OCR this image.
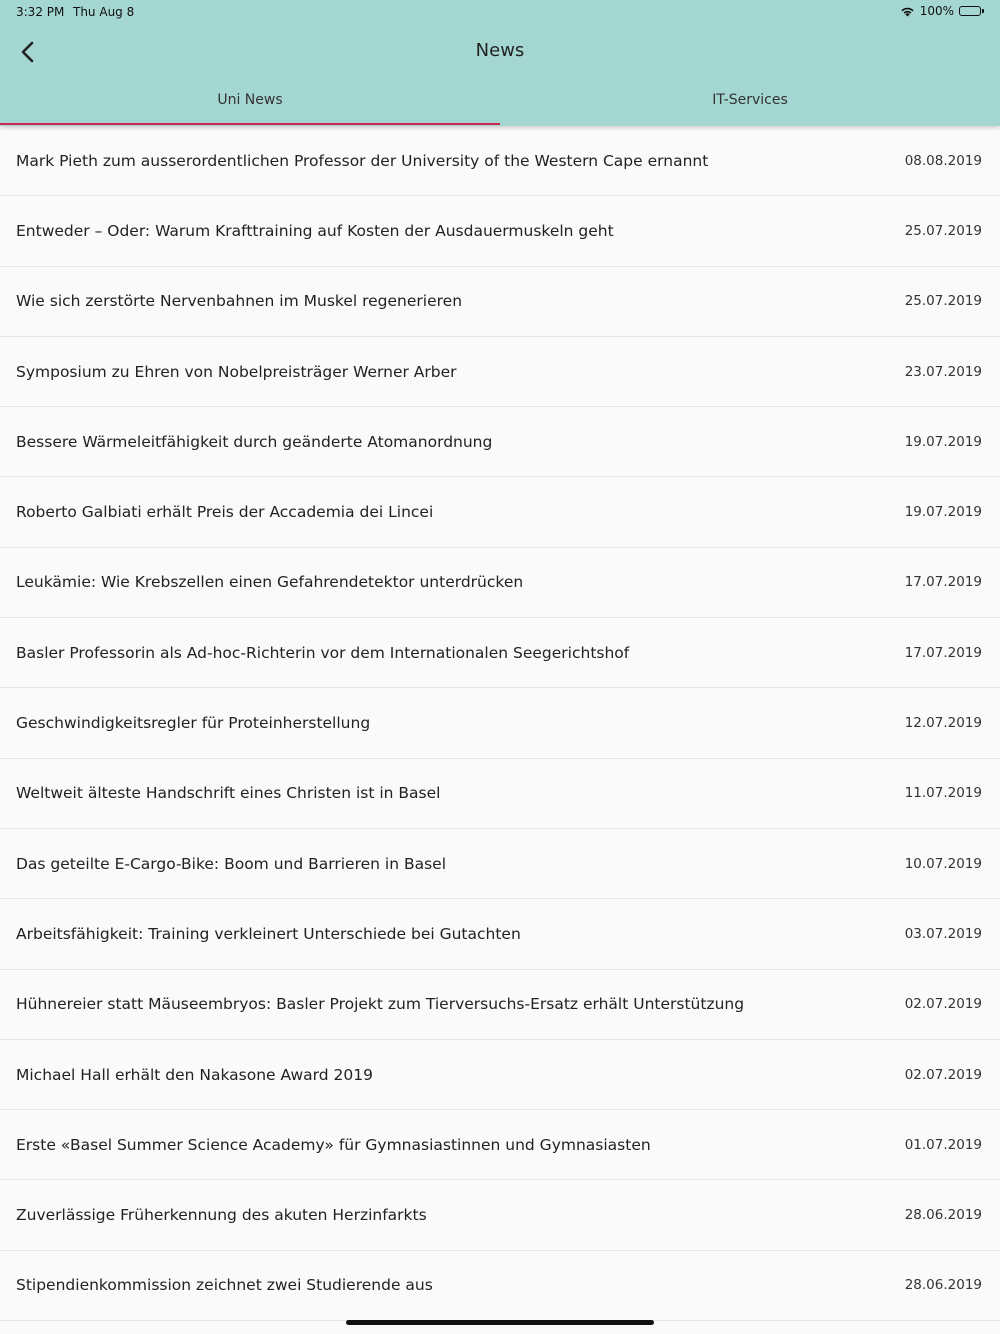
3:32 PM Thu Aug 8	100%
News
Uni News	IT-Services
Mark Pieth zum ausserordentlichen Professor der University of the Western Cape ernannt	08.08.2019
Entweder – Oder: Warum Krafttraining auf Kosten der Ausdauermuskeln geht	25.07.2019
Wie sich zerstörte Nervenbahnen im Muskel regenerieren	25.07.2019
Symposium zu Ehren von Nobelpreisträger Werner Arber	23.07.2019
Bessere Wärmeleitfähigkeit durch geänderte Atomanordnung	19.07.2019
Roberto Galbiati erhält Preis der Accademia dei Lincei	19.07.2019
Leukämie: Wie Krebszellen einen Gefahrendetektor unterdrücken	17.07.2019
Basler Professorin als Ad-hoc-Richterin vor dem Internationalen Seegerichtshof	17.07.2019
Geschwindigkeitsregler für Proteinherstellung	12.07.2019
Weltweit älteste Handschrift eines Christen ist in Basel	11.07.2019
Das geteilte E-Cargo-Bike: Boom und Barrieren in Basel	10.07.2019
Arbeitsfähigkeit: Training verkleinert Unterschiede bei Gutachten	03.07.2019
Hühnereier statt Mäuseembryos: Basler Projekt zum Tierversuchs-Ersatz erhält Unterstützung	02.07.2019
Michael Hall erhält den Nakasone Award 2019	02.07.2019
Erste «Basel Summer Science Academy» für Gymnasiastinnen und Gymnasiasten	01.07.2019
Zuverlässige Früherkennung des akuten Herzinfarkts	28.06.2019
Stipendienkommission zeichnet zwei Studierende aus	28.06.2019
